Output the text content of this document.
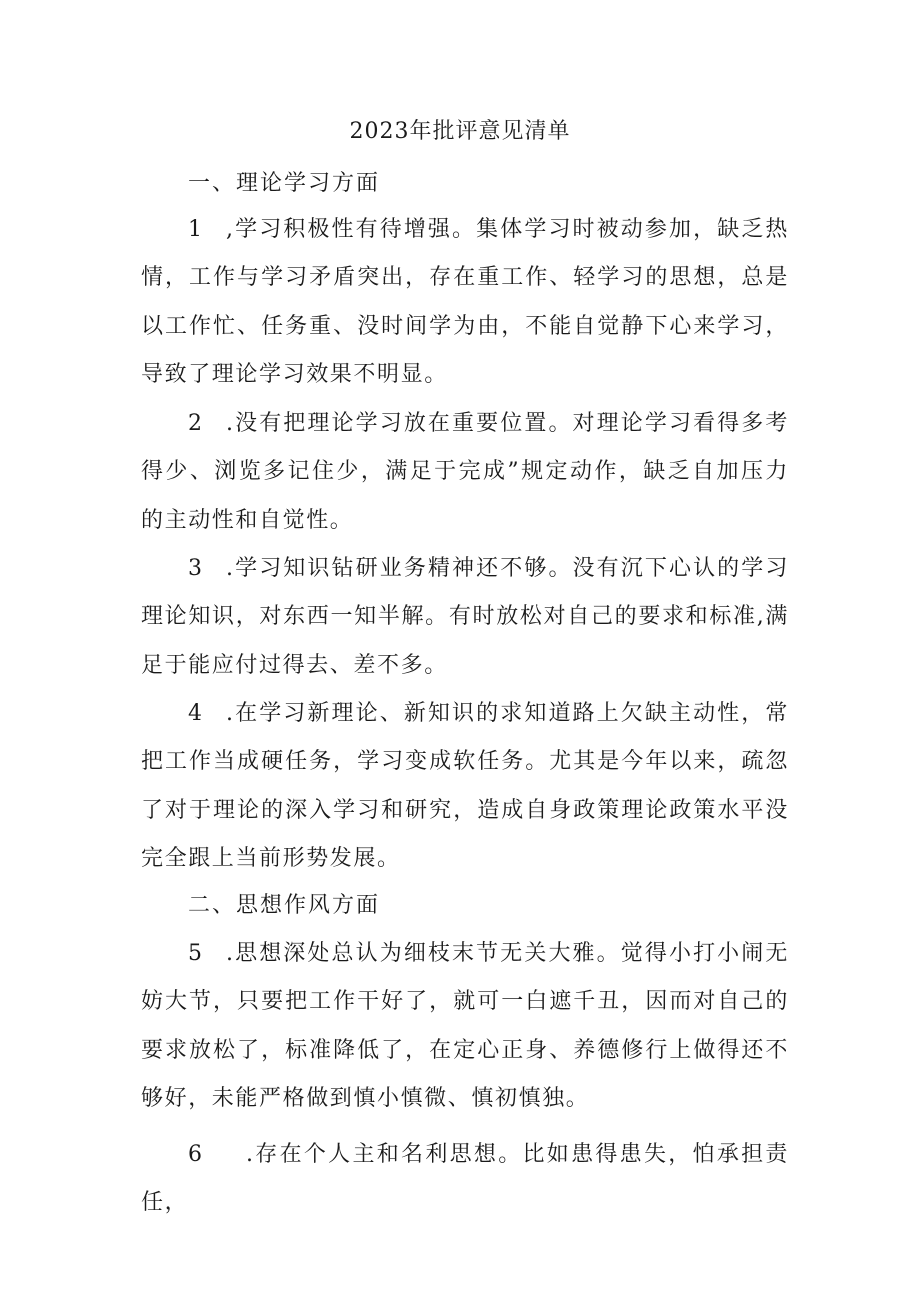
2023年批评意见清单
一、理论学习方面

1 ,学习积极性有待增强。集体学习时被动参加，缺乏热情，工作与学习矛盾突出，存在重工作、轻学习的思想，总是以工作忙、任务重、没时间学为由，不能自觉静下心来学习，导致了理论学习效果不明显。

2 .没有把理论学习放在重要位置。对理论学习看得多考得少、浏览多记住少，满足于完成”规定动作，缺乏自加压力的主动性和自觉性。

3 .学习知识钻研业务精神还不够。没有沉下心认的学习理论知识，对东西一知半解。有时放松对自己的要求和标准,满足于能应付过得去、差不多。

4 .在学习新理论、新知识的求知道路上欠缺主动性，常把工作当成硬任务，学习变成软任务。尤其是今年以来，疏忽了对于理论的深入学习和研究，造成自身政策理论政策水平没完全跟上当前形势发展。

二、思想作风方面

5 .思想深处总认为细枝末节无关大雅。觉得小打小闹无妨大节，只要把工作干好了，就可一白遮千丑，因而对自己的要求放松了，标准降低了，在定心正身、养德修行上做得还不够好，未能严格做到慎小慎微、慎初慎独。

6 .存在个人主和名利思想。比如患得患失，怕承担责任，
